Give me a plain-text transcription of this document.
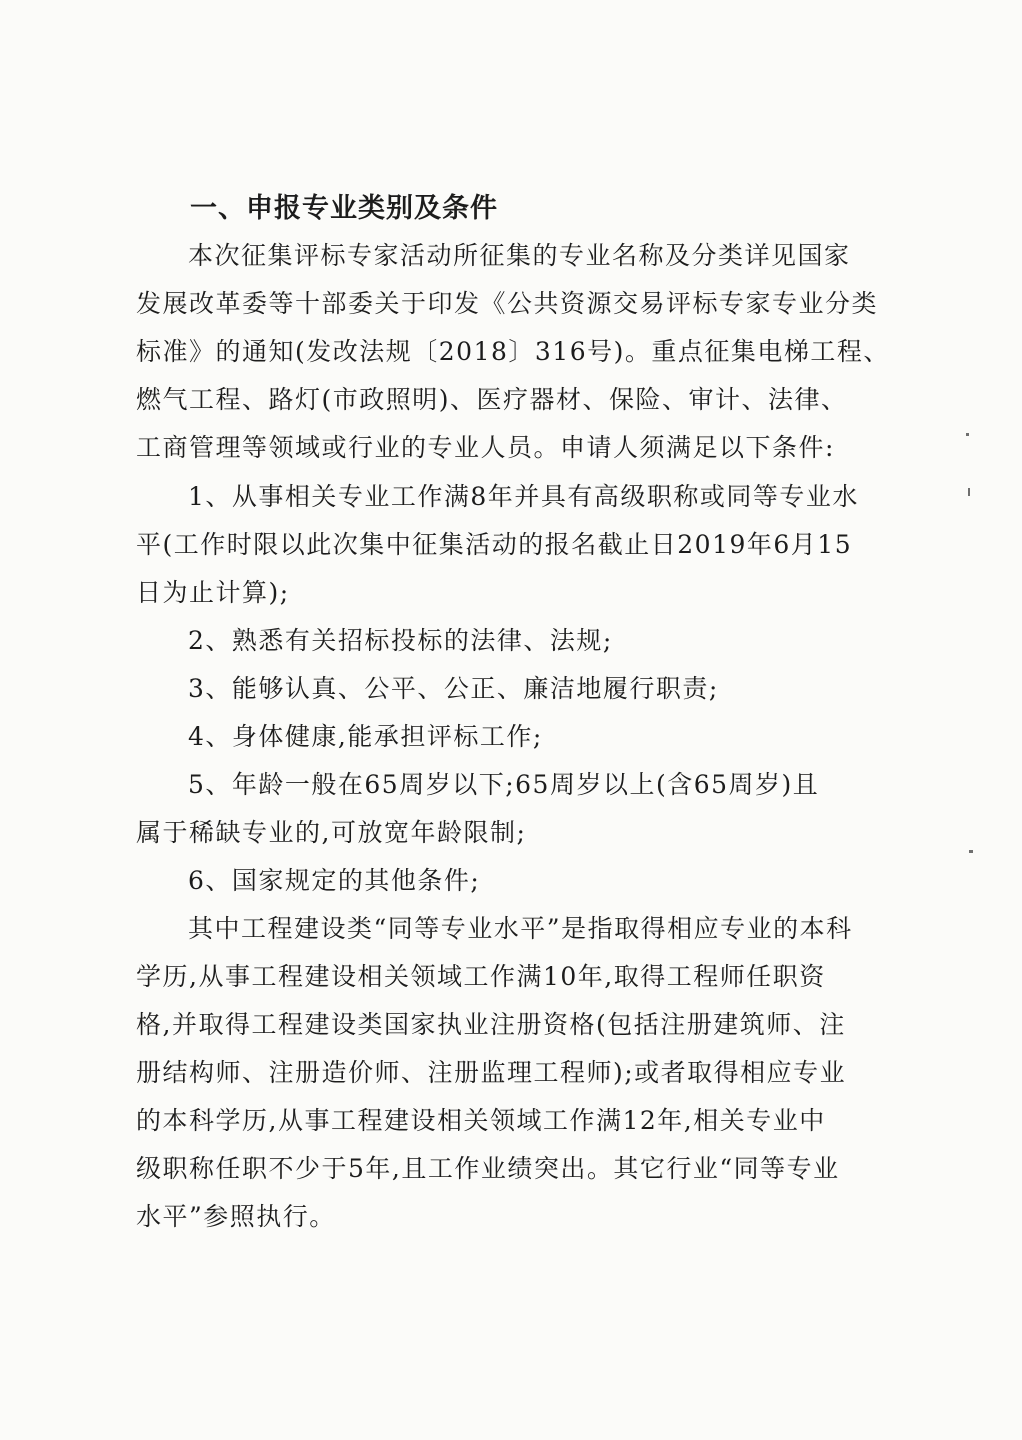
一、申报专业类别及条件
本次征集评标专家活动所征集的专业名称及分类详见国家
发展改革委等十部委关于印发《公共资源交易评标专家专业分类
标准》的通知(发改法规〔2018〕316号)。重点征集电梯工程、
燃气工程、路灯(市政照明)、医疗器材、保险、审计、法律、
工商管理等领域或行业的专业人员。申请人须满足以下条件:
1、从事相关专业工作满8年并具有高级职称或同等专业水
平(工作时限以此次集中征集活动的报名截止日2019年6月15
日为止计算);
2、熟悉有关招标投标的法律、法规;
3、能够认真、公平、公正、廉洁地履行职责;
4、身体健康,能承担评标工作;
5、年龄一般在65周岁以下;65周岁以上(含65周岁)且
属于稀缺专业的,可放宽年龄限制;
6、国家规定的其他条件;
其中工程建设类“同等专业水平”是指取得相应专业的本科
学历,从事工程建设相关领域工作满10年,取得工程师任职资
格,并取得工程建设类国家执业注册资格(包括注册建筑师、注
册结构师、注册造价师、注册监理工程师);或者取得相应专业
的本科学历,从事工程建设相关领域工作满12年,相关专业中
级职称任职不少于5年,且工作业绩突出。其它行业“同等专业
水平”参照执行。
